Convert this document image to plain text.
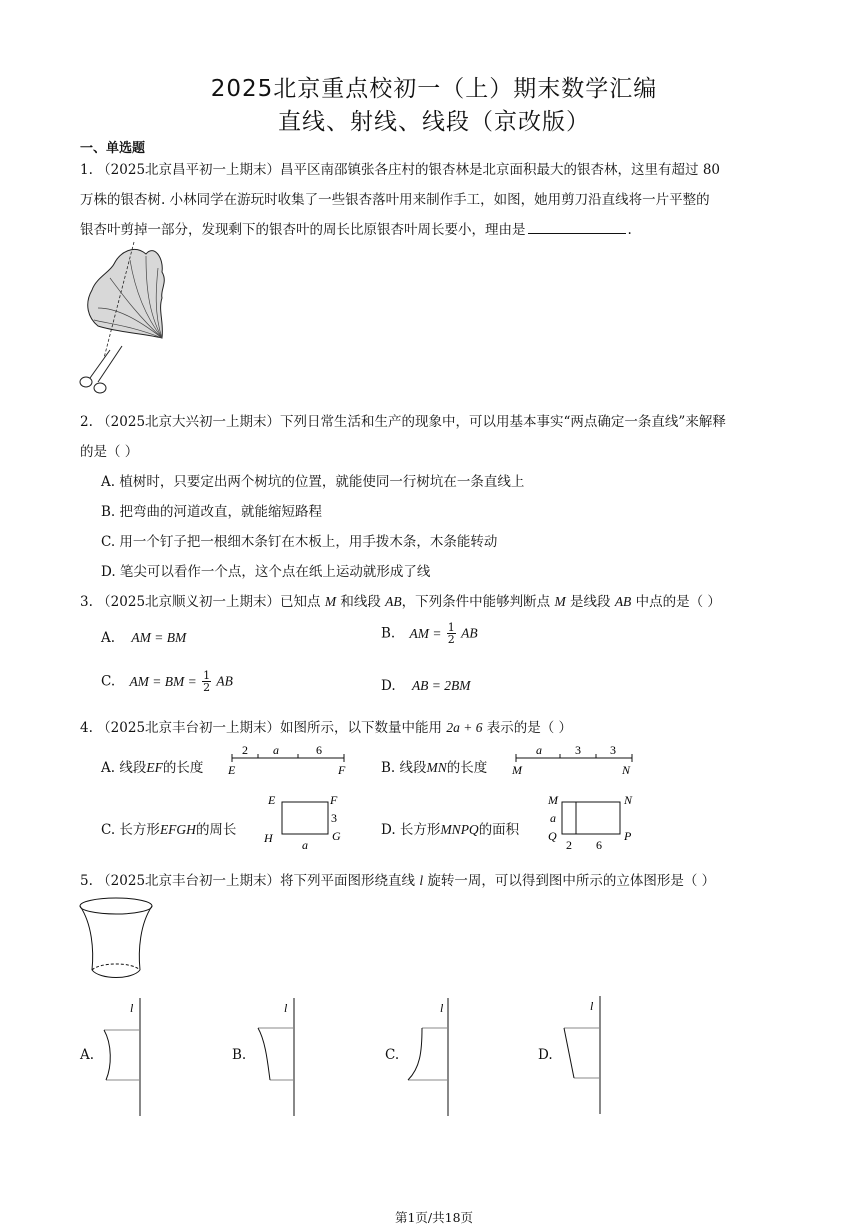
2025北京重点校初一（上）期末数学汇编
直线、射线、线段（京改版）
一、单选题
1. （2025北京昌平初一上期末）昌平区南邵镇张各庄村的银杏林是北京面积最大的银杏林，这里有超过 80
万株的银杏树. 小林同学在游玩时收集了一些银杏落叶用来制作手工，如图，她用剪刀沿直线将一片平整的
银杏叶剪掉一部分，发现剩下的银杏叶的周长比原银杏叶周长要小，理由是	.
2. （2025北京大兴初一上期末）下列日常生活和生产的现象中，可以用基本事实“两点确定一条直线”来解释
的是（ ）
A. 植树时，只要定出两个树坑的位置，就能使同一行树坑在一条直线上
B. 把弯曲的河道改直，就能缩短路程
C. 用一个钉子把一根细木条钉在木板上，用手拨木条，木条能转动
D. 笔尖可以看作一个点，这个点在纸上运动就形成了线
3. （2025北京顺义初一上期末）已知点 M 和线段 AB，下列条件中能够判断点 M 是线段 AB 中点的是（ ）
A. AM = BM	B. AM = $\frac{1}{2}$ AB
C. AM = BM = $\frac{1}{2}$ AB	D. AB = 2BM
4. （2025北京丰台初一上期末）如图所示，以下数量中能用 2a + 6 表示的是（ ）
A. 线段EF的长度
2 a	6
E	F	B. 线段MN的长度
a	3 3
M	N
C. 长方形EFGH的周长
E	F
H	G
3
a
D. 长方形MNPQ的面积
M	N
a
Q	P
2 6
5. （2025北京丰台初一上期末）将下列平面图形绕直线 l 旋转一周，可以得到图中所示的立体图形是（ ）
A.
l
B.
l
C.
l
D.
l
第1页/共18页
